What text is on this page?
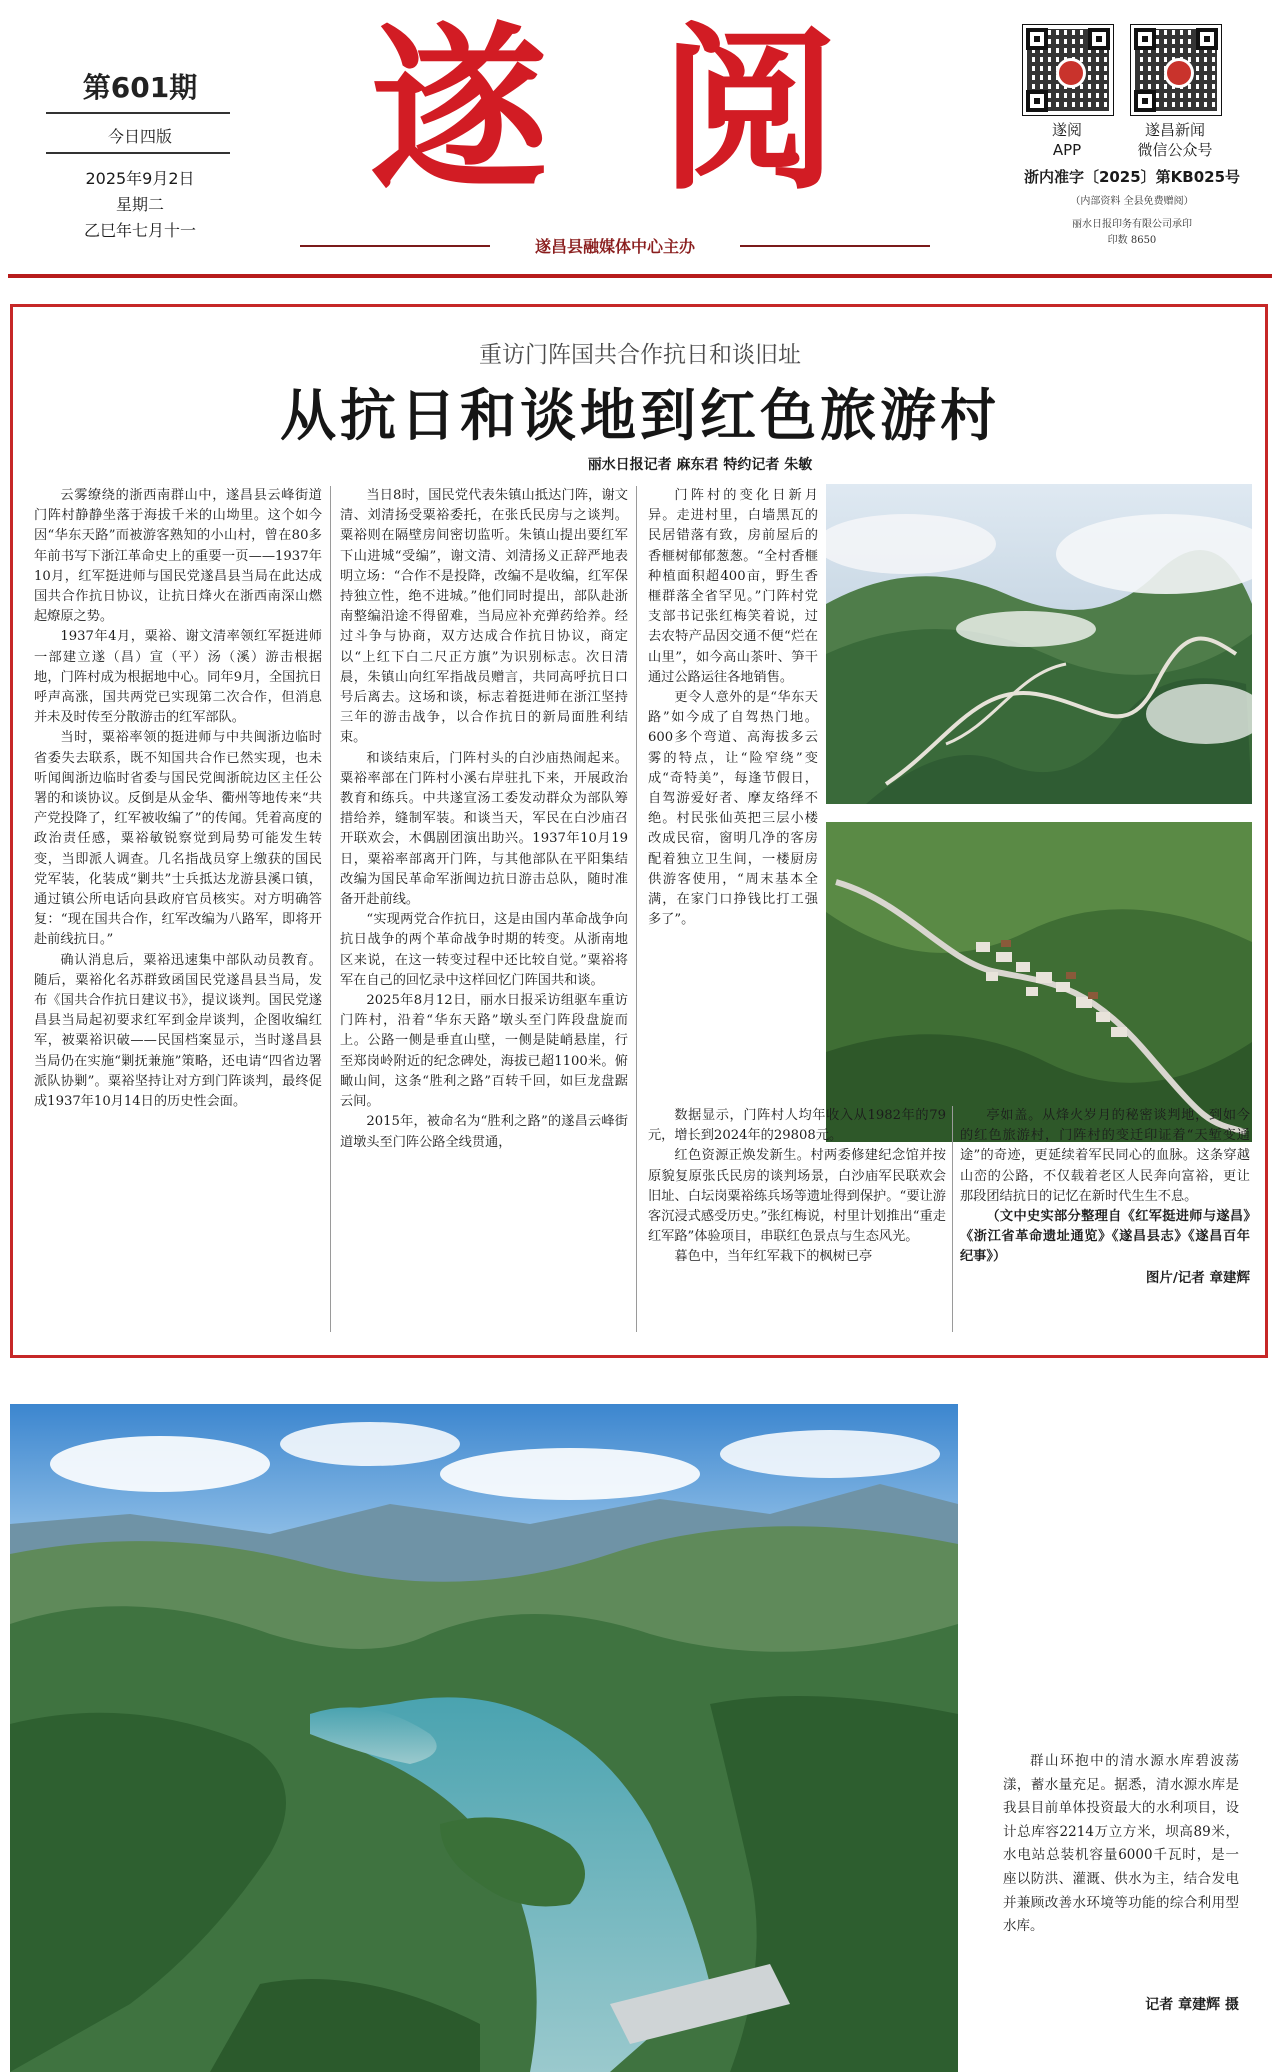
第601期
今日四版
2025年9月2日
星期二
乙巳年七月十一
遂 阅
遂昌县融媒体中心主办
遂阅
APP
遂昌新闻
微信公众号
浙内准字〔2025〕第KB025号
（内部资料 全县免费赠阅）
丽水日报印务有限公司承印
印数 8650
重访门阵国共合作抗日和谈旧址
从抗日和谈地到红色旅游村
丽水日报记者 麻东君 特约记者 朱敏

云雾缭绕的浙西南群山中，遂昌县云峰街道门阵村静静坐落于海拔千米的山坳里。这个如今因“华东天路”而被游客熟知的小山村，曾在80多年前书写下浙江革命史上的重要一页——1937年10月，红军挺进师与国民党遂昌县当局在此达成国共合作抗日协议，让抗日烽火在浙西南深山燃起燎原之势。

1937年4月，粟裕、谢文清率领红军挺进师一部建立遂（昌）宣（平）汤（溪）游击根据地，门阵村成为根据地中心。同年9月，全国抗日呼声高涨，国共两党已实现第二次合作，但消息并未及时传至分散游击的红军部队。

当时，粟裕率领的挺进师与中共闽浙边临时省委失去联系，既不知国共合作已然实现，也未听闻闽浙边临时省委与国民党闽浙皖边区主任公署的和谈协议。反倒是从金华、衢州等地传来“共产党投降了，红军被收编了”的传闻。凭着高度的政治责任感，粟裕敏锐察觉到局势可能发生转变，当即派人调查。几名指战员穿上缴获的国民党军装，化装成“剿共”士兵抵达龙游县溪口镇，通过镇公所电话向县政府官员核实。对方明确答复：“现在国共合作，红军改编为八路军，即将开赴前线抗日。”

确认消息后，粟裕迅速集中部队动员教育。随后，粟裕化名苏群致函国民党遂昌县当局，发布《国共合作抗日建议书》，提议谈判。国民党遂昌县当局起初要求红军到金岸谈判，企图收编红军，被粟裕识破——民国档案显示，当时遂昌县当局仍在实施“剿抚兼施”策略，还电请“四省边署派队协剿”。粟裕坚持让对方到门阵谈判，最终促成1937年10月14日的历史性会面。

当日8时，国民党代表朱镇山抵达门阵，谢文清、刘清扬受粟裕委托，在张氏民房与之谈判。粟裕则在隔壁房间密切监听。朱镇山提出要红军下山进城“受编”，谢文清、刘清扬义正辞严地表明立场：“合作不是投降，改编不是收编，红军保持独立性，绝不进城。”他们同时提出，部队赴浙南整编沿途不得留难，当局应补充弹药给养。经过斗争与协商，双方达成合作抗日协议，商定以“上红下白二尺正方旗”为识别标志。次日清晨，朱镇山向红军指战员赠言，共同高呼抗日口号后离去。这场和谈，标志着挺进师在浙江坚持三年的游击战争，以合作抗日的新局面胜利结束。

和谈结束后，门阵村头的白沙庙热闹起来。粟裕率部在门阵村小溪右岸驻扎下来，开展政治教育和练兵。中共遂宣汤工委发动群众为部队筹措给养，缝制军装。和谈当天，军民在白沙庙召开联欢会，木偶剧团演出助兴。1937年10月19日，粟裕率部离开门阵，与其他部队在平阳集结改编为国民革命军浙闽边抗日游击总队，随时准备开赴前线。

“实现两党合作抗日，这是由国内革命战争向抗日战争的两个革命战争时期的转变。从浙南地区来说，在这一转变过程中还比较自觉。”粟裕将军在自己的回忆录中这样回忆门阵国共和谈。

2025年8月12日，丽水日报采访组驱车重访门阵村，沿着“华东天路”墩头至门阵段盘旋而上。公路一侧是垂直山壁，一侧是陡峭悬崖，行至郑岗岭附近的纪念碑处，海拔已超1100米。俯瞰山间，这条“胜利之路”百转千回，如巨龙盘踞云间。

2015年，被命名为“胜利之路”的遂昌云峰街道墩头至门阵公路全线贯通，

门阵村的变化日新月异。走进村里，白墙黑瓦的民居错落有致，房前屋后的香榧树郁郁葱葱。“全村香榧种植面积超400亩，野生香榧群落全省罕见。”门阵村党支部书记张红梅笑着说，过去农特产品因交通不便“烂在山里”，如今高山茶叶、笋干通过公路运往各地销售。

更令人意外的是“华东天路”如今成了自驾热门地。600多个弯道、高海拔多云雾的特点，让“险窄绕”变成“奇特美”，每逢节假日，自驾游爱好者、摩友络绎不绝。村民张仙英把三层小楼改成民宿，窗明几净的客房配着独立卫生间，一楼厨房供游客使用，“周末基本全满，在家门口挣钱比打工强多了”。

数据显示，门阵村人均年收入从1982年的79元，增长到2024年的29808元。

红色资源正焕发新生。村两委修建纪念馆并按原貌复原张氏民房的谈判场景，白沙庙军民联欢会旧址、白坛岗粟裕练兵场等遗址得到保护。“要让游客沉浸式感受历史。”张红梅说，村里计划推出“重走红军路”体验项目，串联红色景点与生态风光。

暮色中，当年红军栽下的枫树已亭

亭如盖。从烽火岁月的秘密谈判地，到如今的红色旅游村，门阵村的变迁印证着“天堑变通途”的奇迹，更延续着军民同心的血脉。这条穿越山峦的公路，不仅载着老区人民奔向富裕，更让那段团结抗日的记忆在新时代生生不息。

（文中史实部分整理自《红军挺进师与遂昌》《浙江省革命遗址通览》《遂昌县志》《遂昌百年纪事》）

图片/记者 章建辉

群山环抱中的清水源水库碧波荡漾，蓄水量充足。据悉，清水源水库是我县目前单体投资最大的水利项目，设计总库容2214万立方米，坝高89米，水电站总装机容量6000千瓦时，是一座以防洪、灌溉、供水为主，结合发电并兼顾改善水环境等功能的综合利用型水库。

记者 章建辉 摄
